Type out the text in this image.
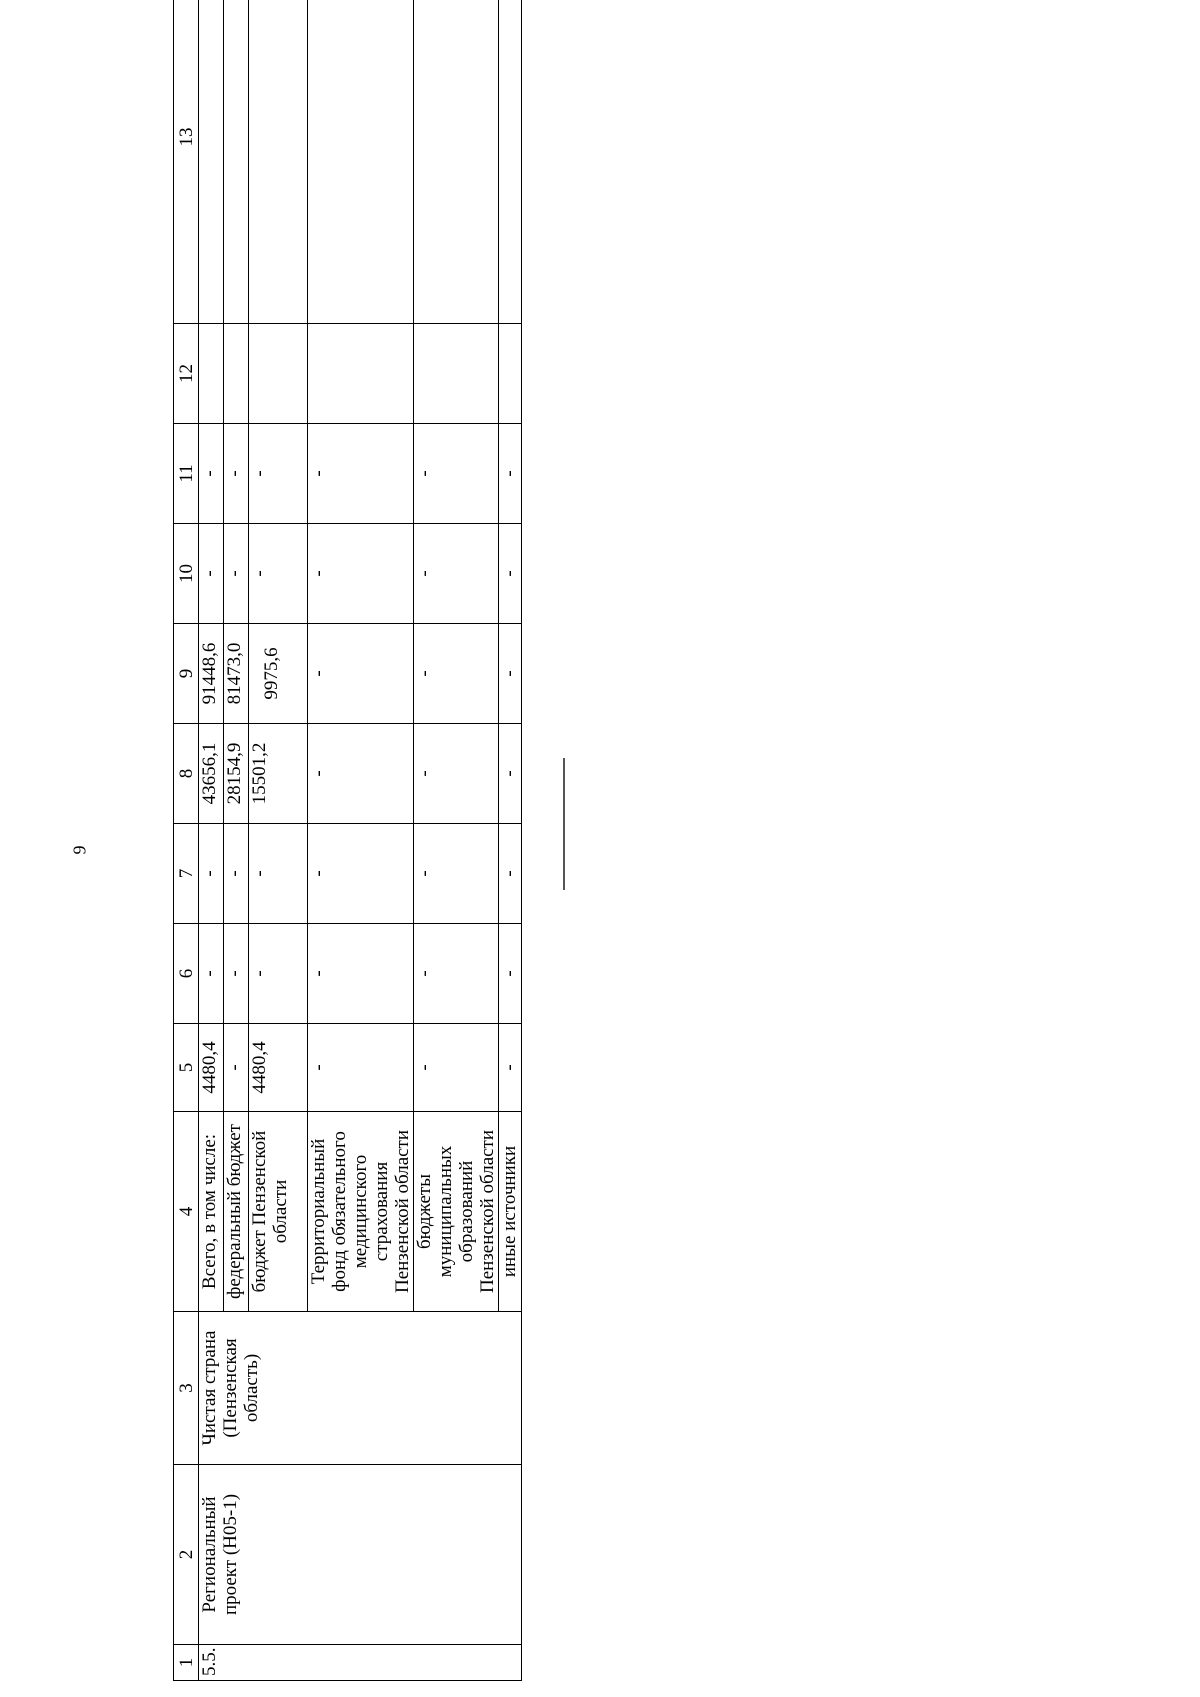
9
1	2	3	4	5	6	7	8	9	10	11	12	13
5.5.	Региональный проект (Н05-1)	Чистая страна (Пензенская область)	Всего, в том числе:	4480,4	-	-	43656,1	91448,6	-	-		
			федеральный бюджет	-	-	-	28154,9	81473,0	-	-		
			бюджет Пензенской области	4480,4	-	-	15501,2	9975,6	-	-		
			Территориальный фонд обязательного медицинского страхования Пензенской области	-	-	-	-	-	-	-		
			бюджеты муниципальных образований Пензенской области	-	-	-	-	-	-	-		
			иные источники	-	-	-	-	-	-	-		
